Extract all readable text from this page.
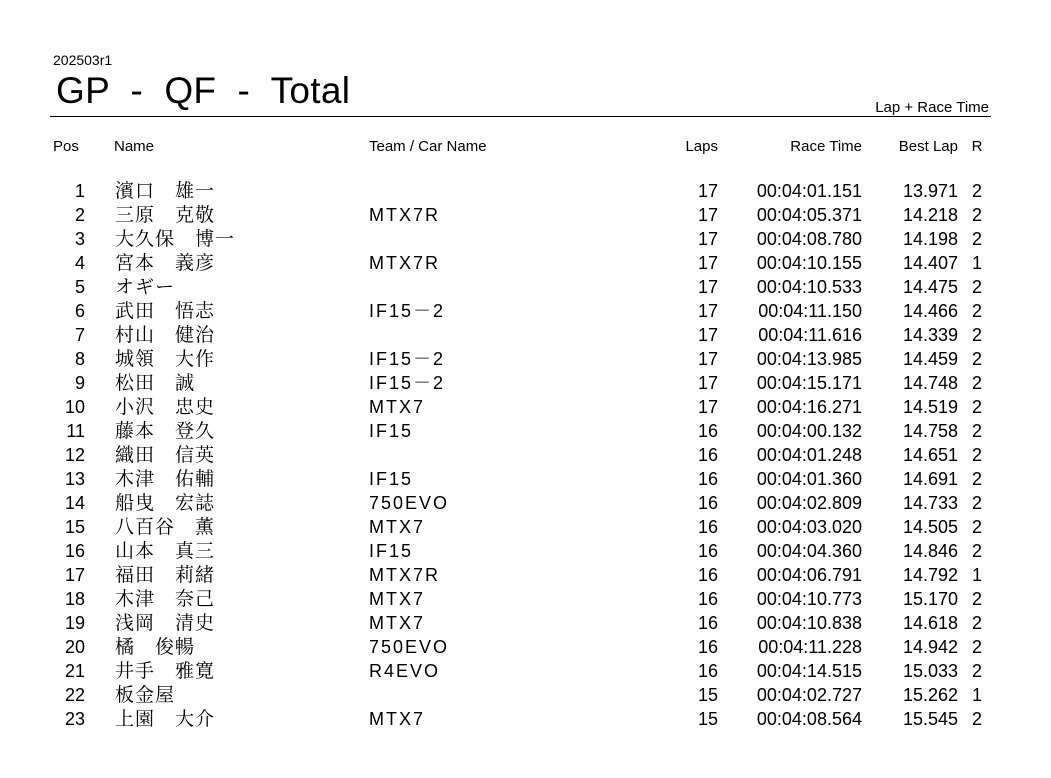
202503r1
GP  -  QF  -  Total	Lap + Race Time
Pos Name	Team / Car Name	Laps	Race Time	Best Lap R
1 濱口　雄一	17	00:04:01.151	13.971 2
2 三原　克敬	MTX7R	17	00:04:05.371	14.218 2
3 大久保　博一	17	00:04:08.780	14.198 2
4 宮本　義彦	MTX7R	17	00:04:10.155	14.407 1
5 オギー	17	00:04:10.533	14.475 2
6 武田　悟志	IF15－2	17	00:04:11.150	14.466 2
7 村山　健治	17	00:04:11.616	14.339 2
8 城領　大作	IF15－2	17	00:04:13.985	14.459 2
9 松田　誠	IF15－2	17	00:04:15.171	14.748 2
10 小沢　忠史	MTX7	17	00:04:16.271	14.519 2
11 藤本　登久	IF15	16	00:04:00.132	14.758 2
12 織田　信英	16	00:04:01.248	14.651 2
13 木津　佑輔	IF15	16	00:04:01.360	14.691 2
14 船曳　宏誌	750EVO	16	00:04:02.809	14.733 2
15 八百谷　薫	MTX7	16	00:04:03.020	14.505 2
16 山本　真三	IF15	16	00:04:04.360	14.846 2
17 福田　莉緒	MTX7R	16	00:04:06.791	14.792 1
18 木津　奈己	MTX7	16	00:04:10.773	15.170 2
19 浅岡　清史	MTX7	16	00:04:10.838	14.618 2
20 橘　俊暢	750EVO	16	00:04:11.228	14.942 2
21 井手　雅寛	R4EVO	16	00:04:14.515	15.033 2
22 板金屋	15	00:04:02.727	15.262 1
23 上園　大介	MTX7	15	00:04:08.564	15.545 2
